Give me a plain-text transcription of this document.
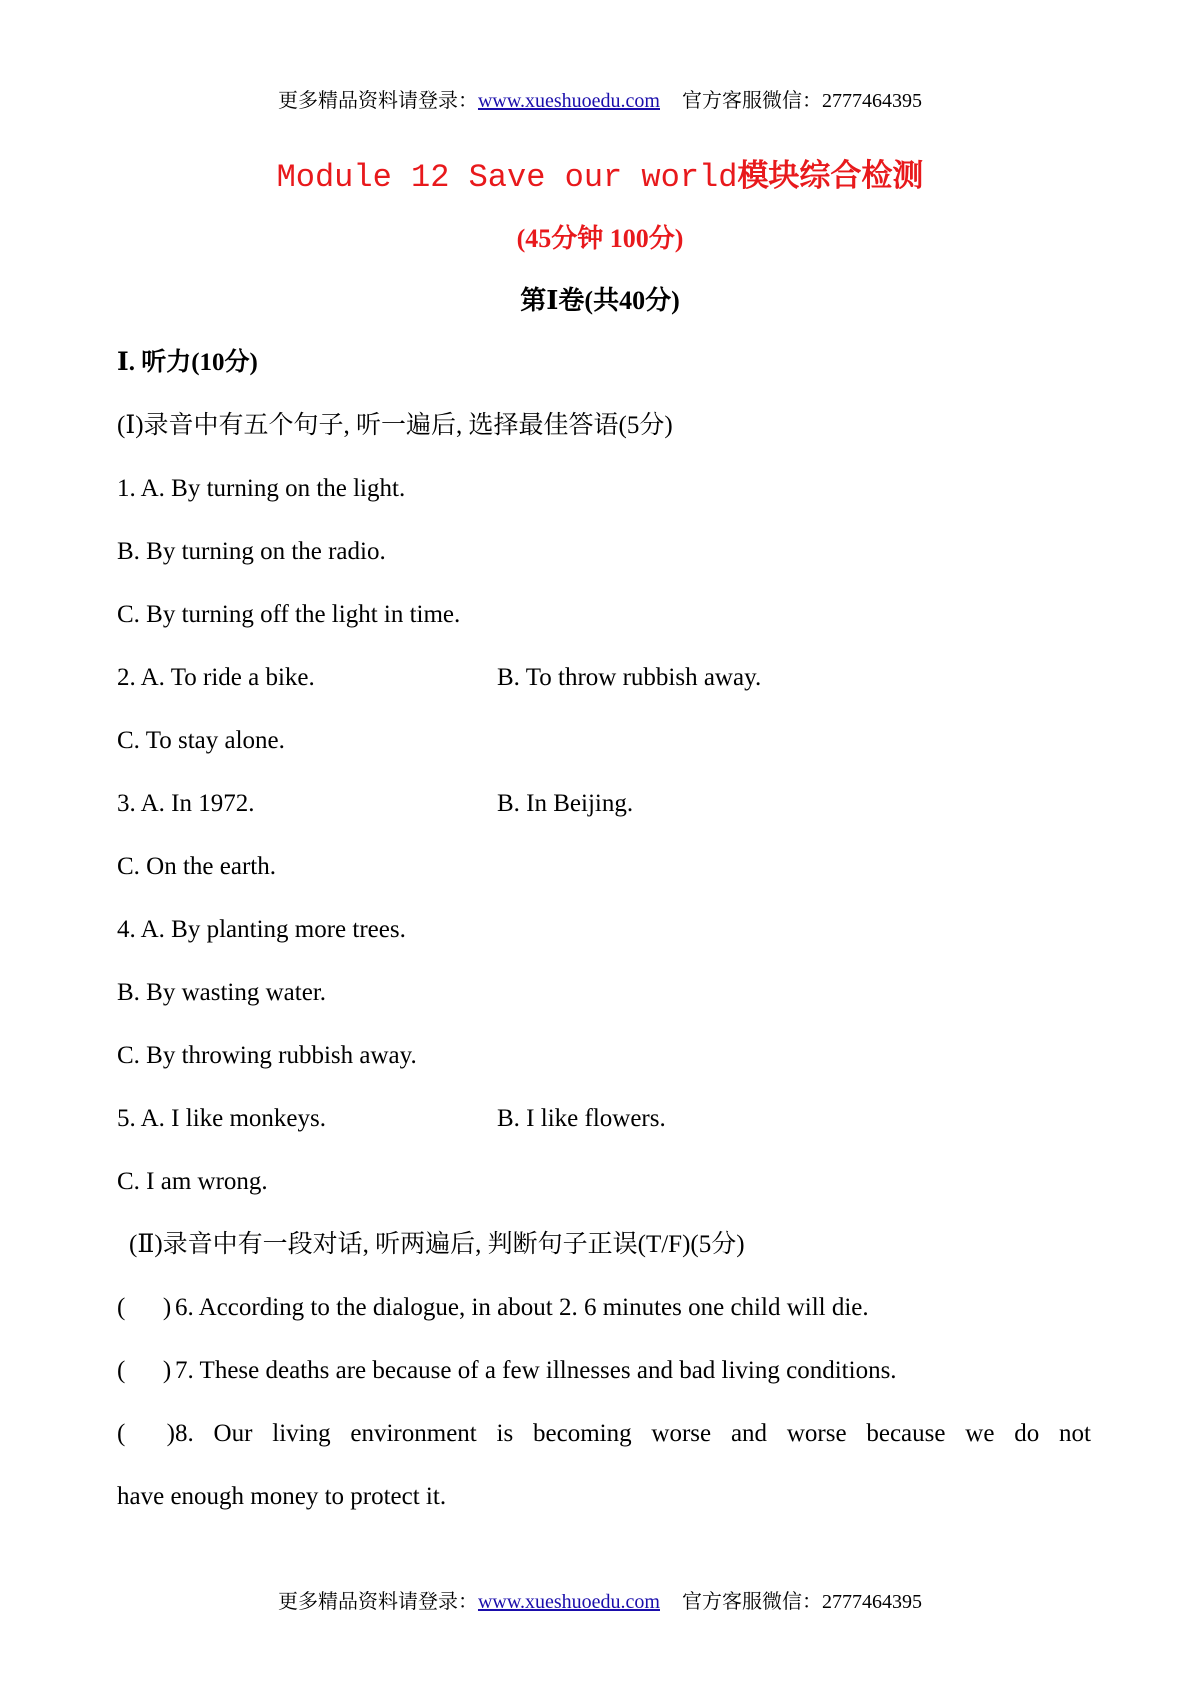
更多精品资料请登录：www.xueshuoedu.com 官方客服微信：2777464395
Module 12 Save our world模块综合检测
(45分钟 100分)
第Ⅰ卷(共40分)
Ⅰ. 听力(10分)
(Ⅰ)录音中有五个句子, 听一遍后, 选择最佳答语(5分)
1. A. By turning on the light.
B. By turning on the radio.
C. By turning off the light in time.
2. A. To ride a bike.	B. To throw rubbish away.
C. To stay alone.
3. A. In 1972.	B. In Beijing.
C. On the earth.
4. A. By planting more trees.
B. By wasting water.
C. By throwing rubbish away.
5. A. I like monkeys.	B. I like flowers.
C. I am wrong.
(Ⅱ)录音中有一段对话, 听两遍后, 判断句子正误(T/F)(5分)
(      ) 6. According to the dialogue, in about 2. 6 minutes one child will die.
(      ) 7. These deaths are because of a few illnesses and bad living conditions.
(      )8. Our living environment is becoming worse and worse because we do not
have enough money to protect it.
更多精品资料请登录：www.xueshuoedu.com 官方客服微信：2777464395
